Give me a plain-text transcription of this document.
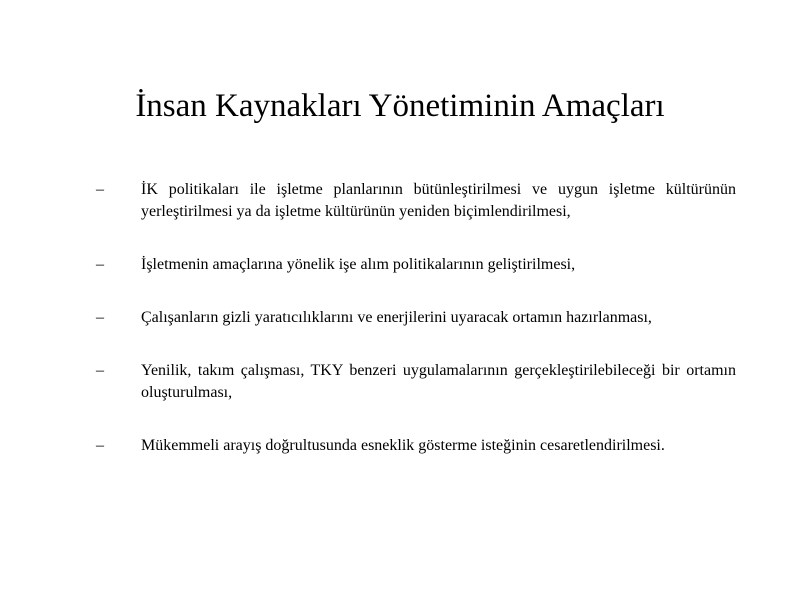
İnsan Kaynakları Yönetiminin Amaçları
–	İK politikaları ile işletme planlarının bütünleştirilmesi ve uygun işletme kültürünün yerleştirilmesi ya da işletme kültürünün yeniden biçimlendirilmesi,
–	İşletmenin amaçlarına yönelik işe alım politikalarının geliştirilmesi,
–	Çalışanların gizli yaratıcılıklarını ve enerjilerini uyaracak ortamın hazırlanması,
–	Yenilik, takım çalışması, TKY benzeri uygulamalarının gerçekleştirilebileceği bir ortamın oluşturulması,
–	Mükemmeli arayış doğrultusunda esneklik gösterme isteğinin cesaretlendirilmesi.
